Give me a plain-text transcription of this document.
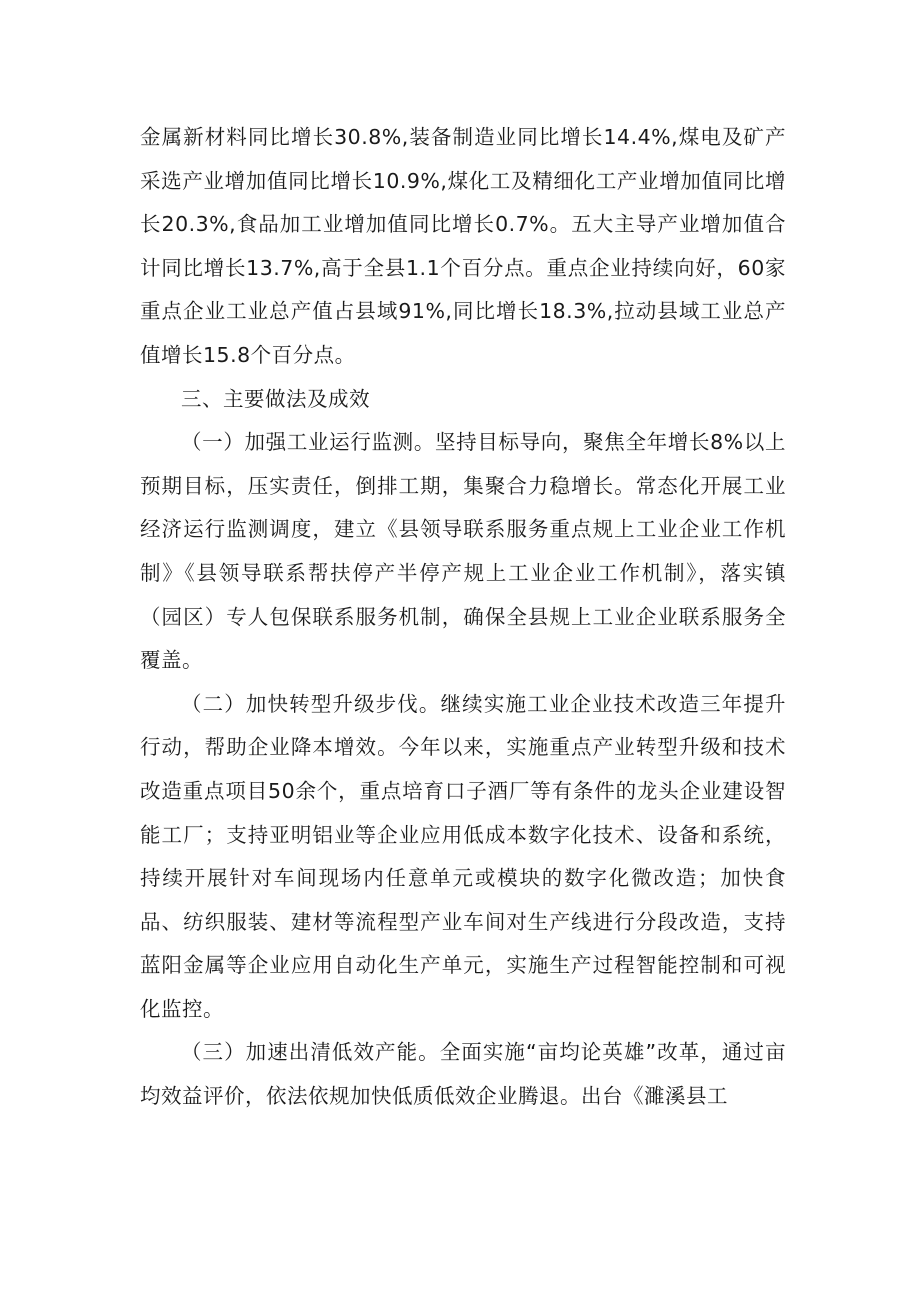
金属新材料同比增长30.8%,装备制造业同比增长14.4%,煤电及矿产采选产业增加值同比增长10.9%,煤化工及精细化工产业增加值同比增长20.3%,食品加工业增加值同比增长0.7%。五大主导产业增加值合计同比增长13.7%,高于全县1.1个百分点。重点企业持续向好，60家重点企业工业总产值占县域91%,同比增长18.3%,拉动县域工业总产值增长15.8个百分点。

三、主要做法及成效

（一）加强工业运行监测。坚持目标导向，聚焦全年增长8%以上预期目标，压实责任，倒排工期，集聚合力稳增长。常态化开展工业经济运行监测调度，建立《县领导联系服务重点规上工业企业工作机制》《县领导联系帮扶停产半停产规上工业企业工作机制》，落实镇（园区）专人包保联系服务机制，确保全县规上工业企业联系服务全覆盖。

（二）加快转型升级步伐。继续实施工业企业技术改造三年提升行动，帮助企业降本增效。今年以来，实施重点产业转型升级和技术改造重点项目50余个，重点培育口子酒厂等有条件的龙头企业建设智能工厂；支持亚明铝业等企业应用低成本数字化技术、设备和系统，持续开展针对车间现场内任意单元或模块的数字化微改造；加快食品、纺织服装、建材等流程型产业车间对生产线进行分段改造，支持蓝阳金属等企业应用自动化生产单元，实施生产过程智能控制和可视化监控。

（三）加速出清低效产能。全面实施“亩均论英雄”改革，通过亩均效益评价，依法依规加快低质低效企业腾退。出台《濉溪县工
